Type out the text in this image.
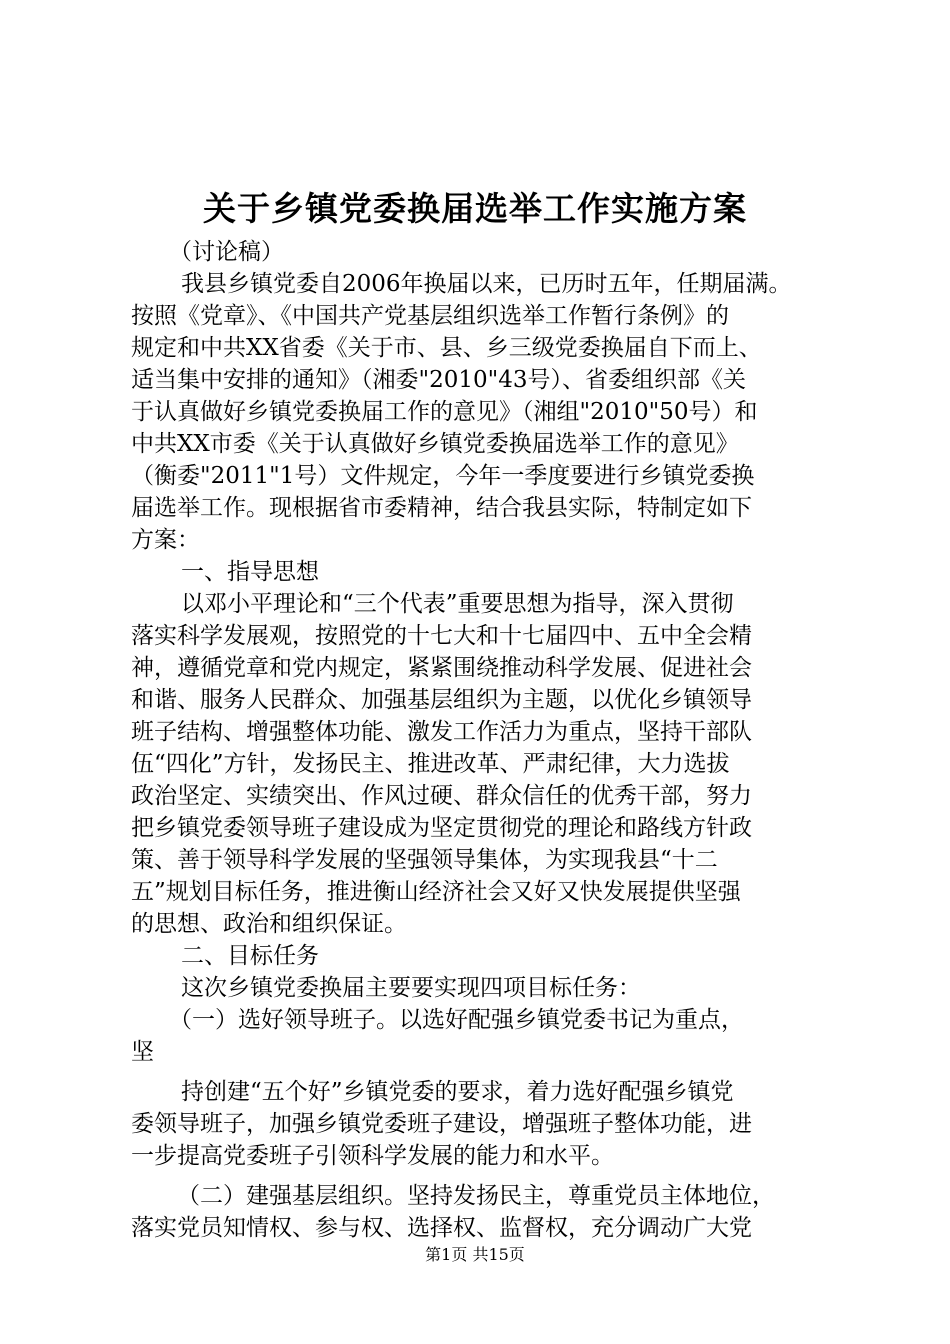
关于乡镇党委换届选举工作实施方案
（讨论稿）
我县乡镇党委自2006年换届以来，已历时五年，任期届满。
按照《党章》、《中国共产党基层组织选举工作暂行条例》的
规定和中共XX省委《关于市、县、乡三级党委换届自下而上、
适当集中安排的通知》（湘委"2010"43号）、省委组织部《关
于认真做好乡镇党委换届工作的意见》（湘组"2010"50号）和
中共XX市委《关于认真做好乡镇党委换届选举工作的意见》
（衡委"2011"1号）文件规定，今年一季度要进行乡镇党委换
届选举工作。现根据省市委精神，结合我县实际，特制定如下
方案：
一、指导思想
以邓小平理论和“三个代表”重要思想为指导，深入贯彻
落实科学发展观，按照党的十七大和十七届四中、五中全会精
神，遵循党章和党内规定，紧紧围绕推动科学发展、促进社会
和谐、服务人民群众、加强基层组织为主题，以优化乡镇领导
班子结构、增强整体功能、激发工作活力为重点，坚持干部队
伍“四化”方针，发扬民主、推进改革、严肃纪律，大力选拔
政治坚定、实绩突出、作风过硬、群众信任的优秀干部，努力
把乡镇党委领导班子建设成为坚定贯彻党的理论和路线方针政
策、善于领导科学发展的坚强领导集体，为实现我县“十二
五”规划目标任务，推进衡山经济社会又好又快发展提供坚强
的思想、政治和组织保证。
二、目标任务
这次乡镇党委换届主要要实现四项目标任务：
（一）选好领导班子。以选好配强乡镇党委书记为重点，
坚
持创建“五个好”乡镇党委的要求，着力选好配强乡镇党
委领导班子，加强乡镇党委班子建设，增强班子整体功能，进
一步提高党委班子引领科学发展的能力和水平。
（二）建强基层组织。坚持发扬民主，尊重党员主体地位，
落实党员知情权、参与权、选择权、监督权，充分调动广大党
第1页 共15页
